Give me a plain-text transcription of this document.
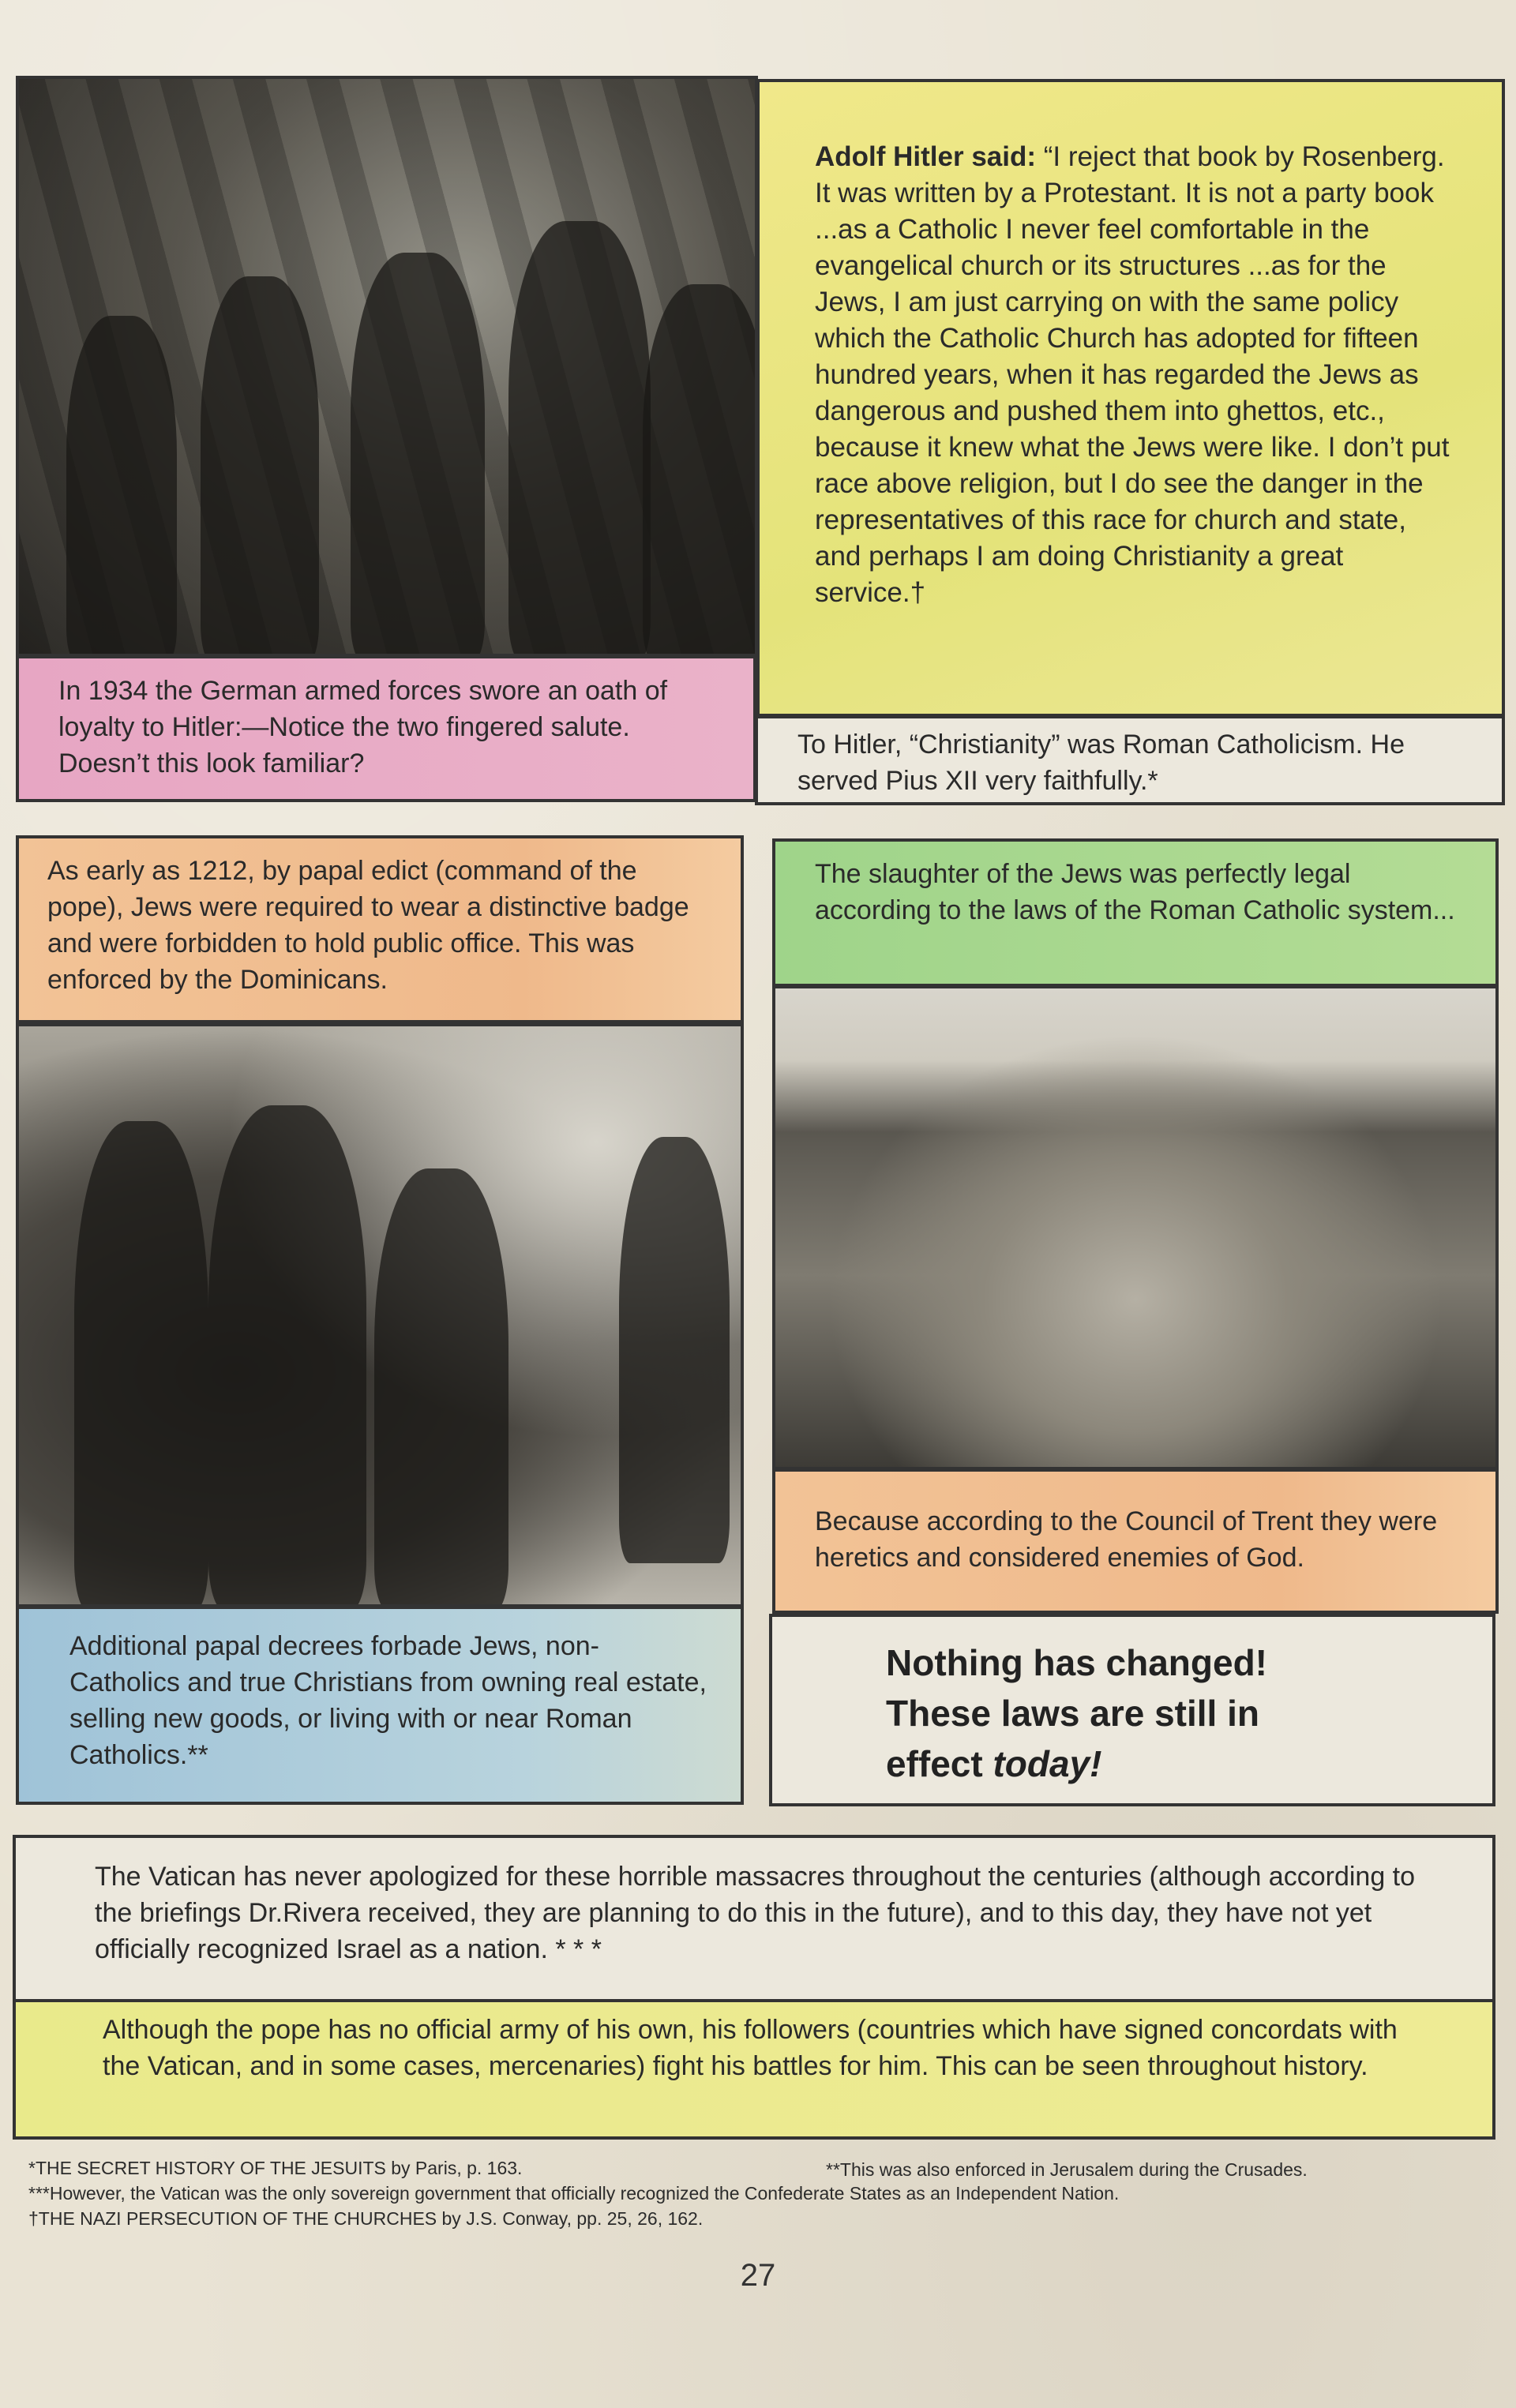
Adolf Hitler said: “I reject that book by Rosenberg. It was written by a Protestant. It is not a party book ...as a Catholic I never feel comfortable in the evangelical church or its structures ...as for the Jews, I am just carrying on with the same policy which the Catholic Church has adopted for fifteen hundred years, when it has regarded the Jews as dangerous and pushed them into ghettos, etc., because it knew what the Jews were like. I don’t put race above religion, but I do see the danger in the representatives of this race for church and state, and perhaps I am doing Christianity a great service.†
In 1934 the German armed forces swore an oath of loyalty to Hitler:—Notice the two fingered salute. Doesn’t this look familiar?
To Hitler, “Christianity” was Roman Catholicism. He served Pius XII very faithfully.*
As early as 1212, by papal edict (command of the pope), Jews were required to wear a distinctive badge and were forbidden to hold public office. This was enforced by the Dominicans.
Additional papal decrees forbade Jews, non-Catholics and true Christians from owning real estate, selling new goods, or living with or near Roman Catholics.**
The slaughter of the Jews was perfectly legal according to the laws of the Roman Catholic system...
Because according to the Council of Trent they were heretics and considered enemies of God.
Nothing has changed!
These laws are still in
effect today!
The Vatican has never apologized for these horrible massacres throughout the centuries (although according to the briefings Dr.Rivera received, they are planning to do this in the future), and to this day, they have not yet officially recognized Israel as a nation. * * *
Although the pope has no official army of his own, his followers (countries which have signed concordats with the Vatican, and in some cases, mercenaries) fight his battles for him. This can be seen throughout history.
*THE SECRET HISTORY OF THE JESUITS by Paris, p. 163.	**This was also enforced in Jerusalem during the Crusades.
***However, the Vatican was the only sovereign government that officially recognized the Confederate States as an Independent Nation.
†THE NAZI PERSECUTION OF THE CHURCHES by J.S. Conway, pp. 25, 26, 162.
27
